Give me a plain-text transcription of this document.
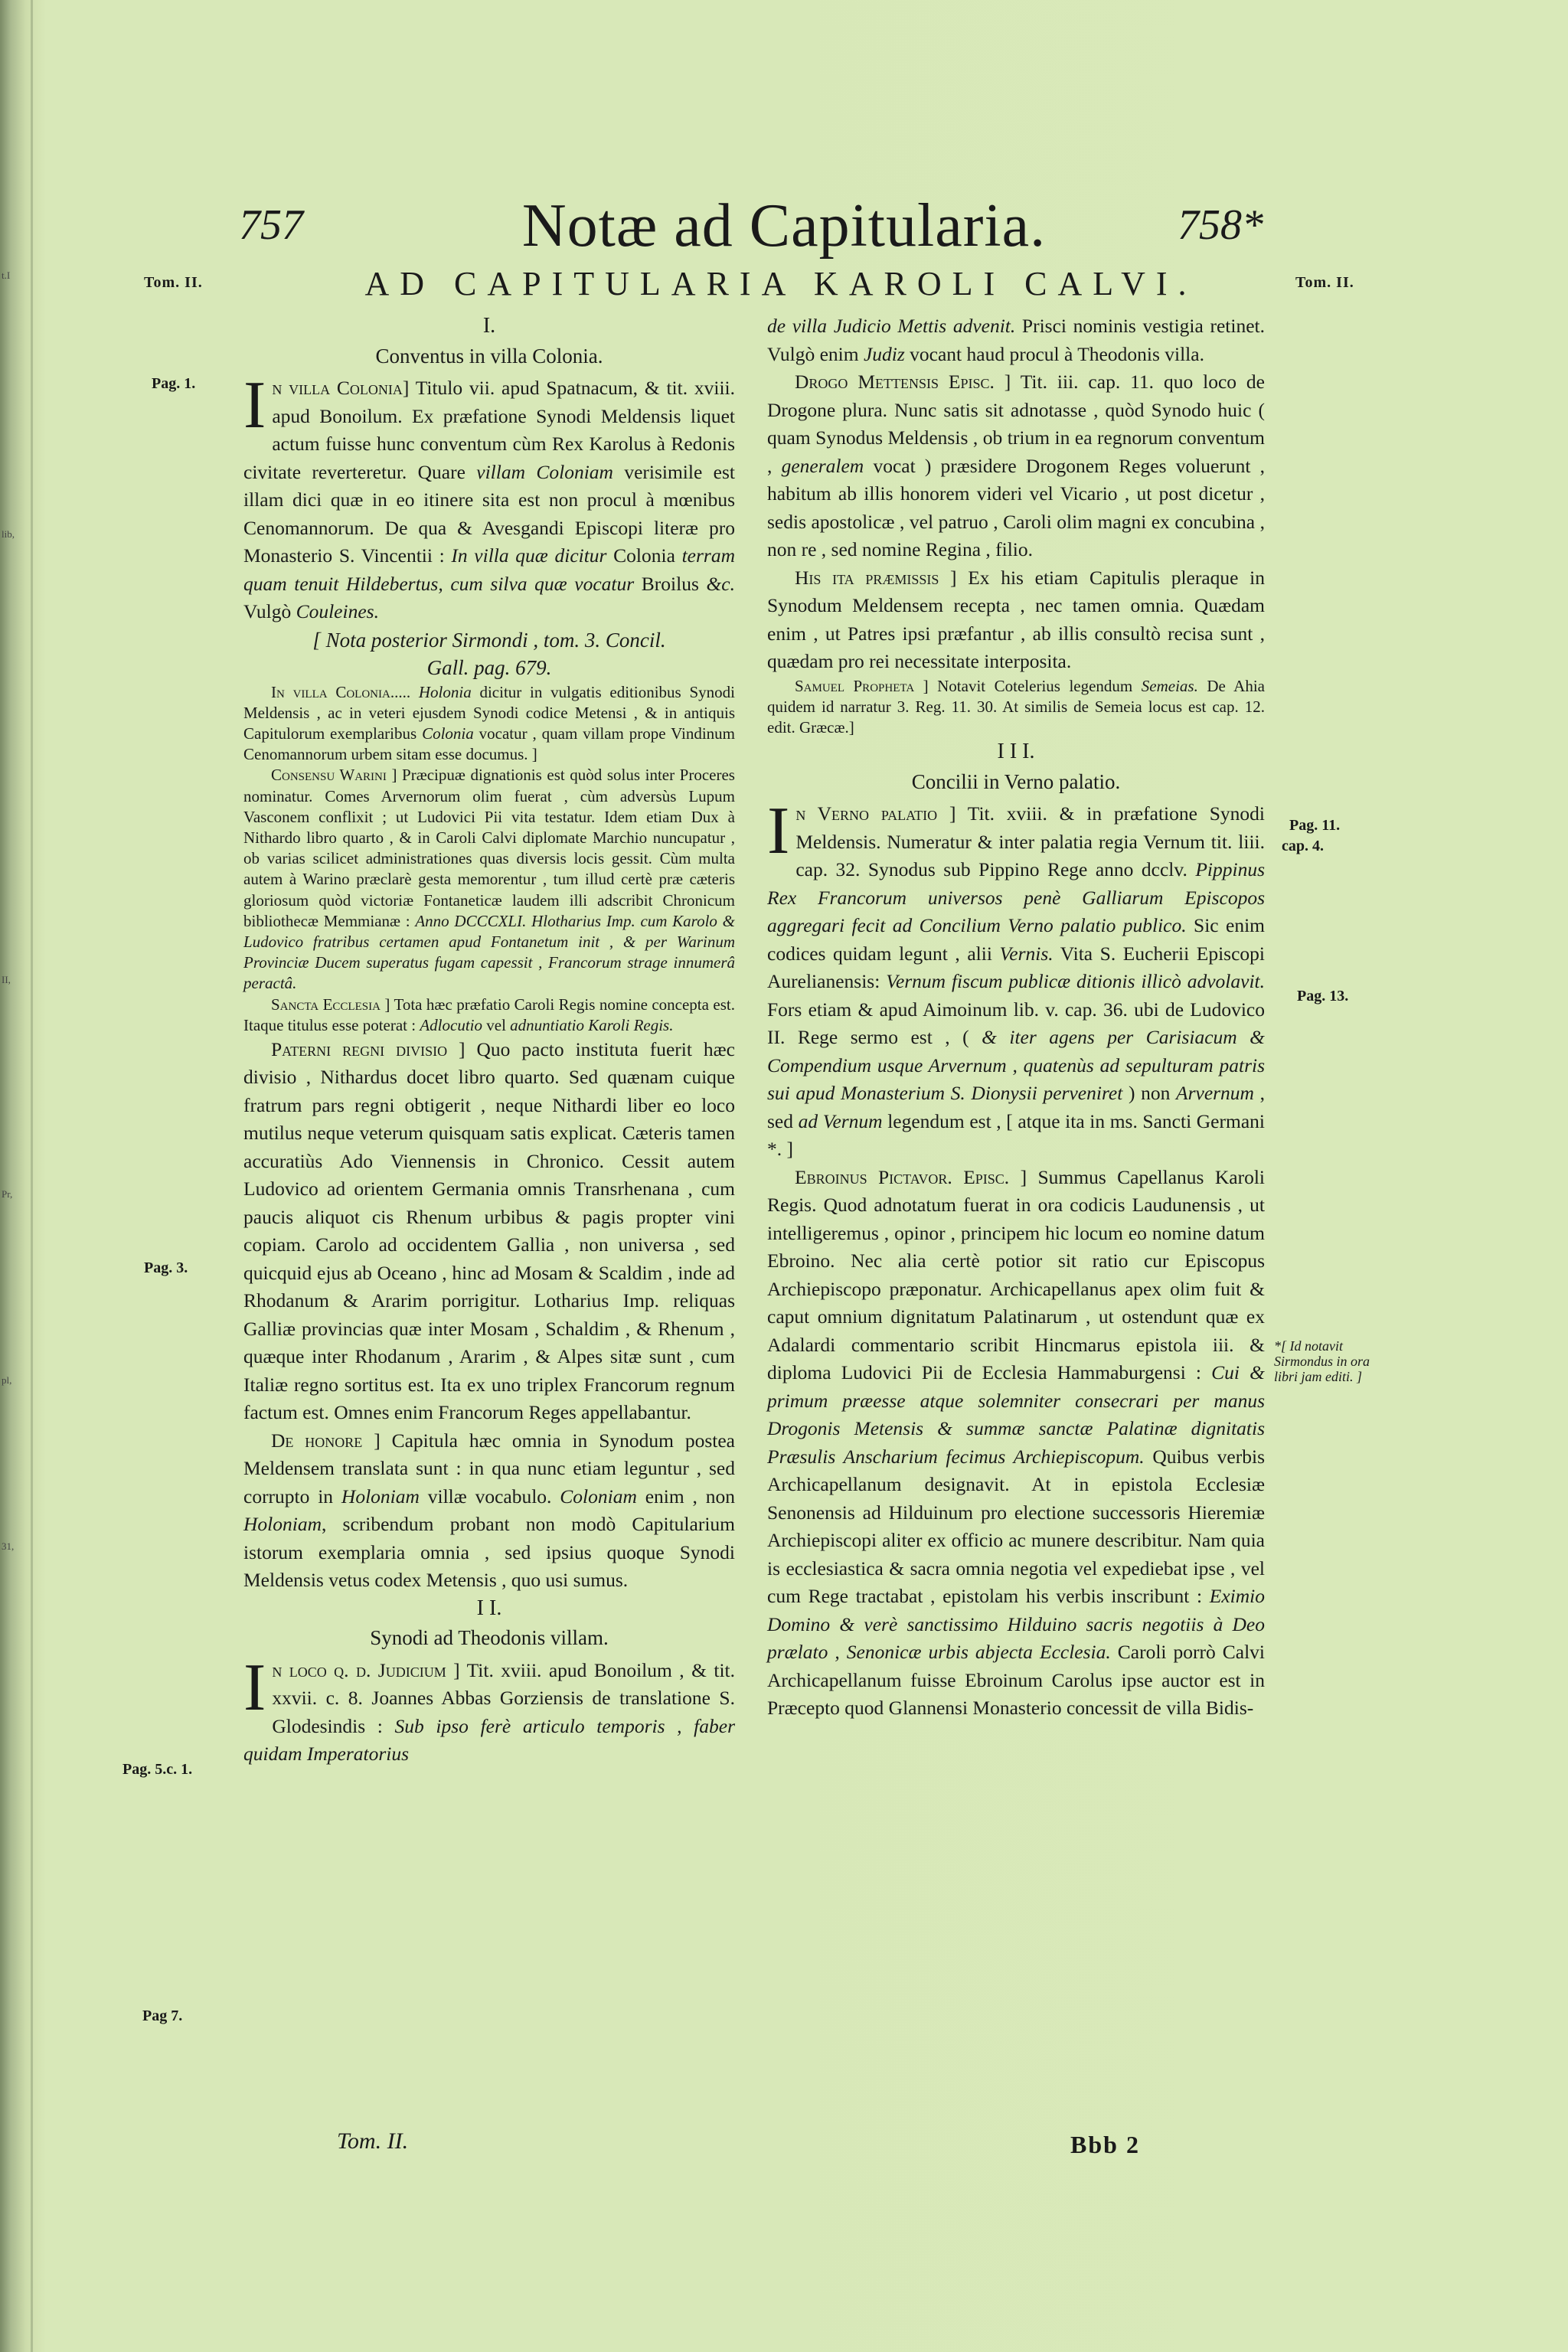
t.I
lib,
II,
Pr,
pl,
31,
757	Notæ ad Capitularia.	758*
Tom. II.	AD CAPITULARIA KAROLI CALVI.	Tom. II.
Pag. 1.
Pag. 3.
Pag. 5.c. 1.
Pag 7.
Pag. 11.
cap. 4.
Pag. 13.
*[ Id notavit Sirmondus in ora libri jam editi. ]
I.
Conventus in villa Colonia.

In villa Colonia] Titulo vii. apud Spatnacum, & tit. xviii. apud Bonoilum. Ex præfatione Synodi Meldensis liquet actum fuisse hunc conventum cùm Rex Karolus à Redonis civitate reverteretur. Quare villam Coloniam verisimile est illam dici quæ in eo itinere sita est non procul à mœnibus Cenomannorum. De qua & Avesgandi Episcopi literæ pro Monasterio S. Vincentii : In villa quæ dicitur Colonia terram quam tenuit Hildebertus, cum silva quæ vocatur Broilus &c. Vulgò Couleines.

[ Nota posterior Sirmondi , tom. 3. Concil.

Gall. pag. 679.

In villa Colonia..... Holonia dicitur in vulgatis editionibus Synodi Meldensis , ac in veteri ejusdem Synodi codice Metensi , & in antiquis Capitulorum exemplaribus Colonia vocatur , quam villam prope Vindinum Cenomannorum urbem sitam esse documus. ]

Consensu Warini ] Præcipuæ dignationis est quòd solus inter Proceres nominatur. Comes Arvernorum olim fuerat , cùm adversùs Lupum Vasconem conflixit ; ut Ludovici Pii vita testatur. Idem etiam Dux à Nithardo libro quarto , & in Caroli Calvi diplomate Marchio nuncupatur , ob varias scilicet administrationes quas diversis locis gessit. Cùm multa autem à Warino præclarè gesta memorentur , tum illud certè præ cæteris gloriosum quòd victoriæ Fontaneticæ laudem illi adscribit Chronicum bibliothecæ Memmianæ : Anno DCCCXLI. Hlotharius Imp. cum Karolo & Ludovico fratribus certamen apud Fontanetum init , & per Warinum Provinciæ Ducem superatus fugam capessit , Francorum strage innumerâ peractâ.

Sancta Ecclesia ] Tota hæc præfatio Caroli Regis nomine concepta est. Itaque titulus esse poterat : Adlocutio vel adnuntiatio Karoli Regis.

Paterni regni divisio ] Quo pacto instituta fuerit hæc divisio , Nithardus docet libro quarto. Sed quænam cuique fratrum pars regni obtigerit , neque Nithardi liber eo loco mutilus neque veterum quisquam satis explicat. Cæteris tamen accuratiùs Ado Viennensis in Chronico. Cessit autem Ludovico ad orientem Germania omnis Transrhenana , cum paucis aliquot cis Rhenum urbibus & pagis propter vini copiam. Carolo ad occidentem Gallia , non universa , sed quicquid ejus ab Oceano , hinc ad Mosam & Scaldim , inde ad Rhodanum & Ararim porrigitur. Lotharius Imp. reliquas Galliæ provincias quæ inter Mosam , Schaldim , & Rhenum , quæque inter Rhodanum , Ararim , & Alpes sitæ sunt , cum Italiæ regno sortitus est. Ita ex uno triplex Francorum regnum factum est. Omnes enim Francorum Reges appellabantur.

De honore ] Capitula hæc omnia in Synodum postea Meldensem translata sunt : in qua nunc etiam leguntur , sed corrupto in Holoniam villæ vocabulo. Coloniam enim , non Holoniam, scribendum probant non modò Capitularium istorum exemplaria omnia , sed ipsius quoque Synodi Meldensis vetus codex Metensis , quo usi sumus.

I I.
Synodi ad Theodonis villam.

In loco q. d. Judicium ] Tit. xviii. apud Bonoilum , & tit. xxvii. c. 8. Joannes Abbas Gorziensis de translatione S. Glodesindis : Sub ipso ferè articulo temporis , faber quidam Imperatorius

Tom. II.

de villa Judicio Mettis advenit. Prisci nominis vestigia retinet. Vulgò enim Judiz vocant haud procul à Theodonis villa.

Drogo Mettensis Episc. ] Tit. iii. cap. 11. quo loco de Drogone plura. Nunc satis sit adnotasse , quòd Synodo huic ( quam Synodus Meldensis , ob trium in ea regnorum conventum , generalem vocat ) præsidere Drogonem Reges voluerunt , habitum ab illis honorem videri vel Vicario , ut post dicetur , sedis apostolicæ , vel patruo , Caroli olim magni ex concubina , non re , sed nomine Regina , filio.

His ita præmissis ] Ex his etiam Capitulis pleraque in Synodum Meldensem recepta , nec tamen omnia. Quædam enim , ut Patres ipsi præfantur , ab illis consultò recisa sunt , quædam pro rei necessitate interposita.

Samuel Propheta ] Notavit Cotelerius legendum Semeias. De Ahia quidem id narratur 3. Reg. 11. 30. At similis de Semeia locus est cap. 12. edit. Græcæ.]

I I I.
Concilii in Verno palatio.

In Verno palatio ] Tit. xviii. & in præfatione Synodi Meldensis. Numeratur & inter palatia regia Vernum tit. liii. cap. 32. Synodus sub Pippino Rege anno dcclv. Pippinus Rex Francorum universos penè Galliarum Episcopos aggregari fecit ad Concilium Verno palatio publico. Sic enim codices quidam legunt , alii Vernis. Vita S. Eucherii Episcopi Aurelianensis: Vernum fiscum publicæ ditionis illicò advolavit. Fors etiam & apud Aimoinum lib. v. cap. 36. ubi de Ludovico II. Rege sermo est , ( & iter agens per Carisiacum & Compendium usque Arvernum , quatenùs ad sepulturam patris sui apud Monasterium S. Dionysii perveniret ) non Arvernum , sed ad Vernum legendum est , [ atque ita in ms. Sancti Germani *. ]

Ebroinus Pictavor. Episc. ] Summus Capellanus Karoli Regis. Quod adnotatum fuerat in ora codicis Laudunensis , ut intelligeremus , opinor , principem hic locum eo nomine datum Ebroino. Nec alia certè potior sit ratio cur Episcopus Archiepiscopo præponatur. Archicapellanus apex olim fuit & caput omnium dignitatum Palatinarum , ut ostendunt quæ ex Adalardi commentario scribit Hincmarus epistola iii. & diploma Ludovici Pii de Ecclesia Hammaburgensi : Cui & primum præesse atque solemniter consecrari per manus Drogonis Metensis & summæ sanctæ Palatinæ dignitatis Præsulis Anscharium fecimus Archiepiscopum. Quibus verbis Archicapellanum designavit. At in epistola Ecclesiæ Senonensis ad Hilduinum pro electione successoris Hieremiæ Archiepiscopi aliter ex officio ac munere describitur. Nam quia is ecclesiastica & sacra omnia negotia vel expediebat ipse , vel cum Rege tractabat , epistolam his verbis inscribunt : Eximio Domino & verè sanctissimo Hilduino sacris negotiis à Deo prælato , Senonicæ urbis abjecta Ecclesia. Caroli porrò Calvi Archicapellanum fuisse Ebroinum Carolus ipse auctor est in Præcepto quod Glannensi Monasterio concessit de villa Bidis-

Bbb 2
